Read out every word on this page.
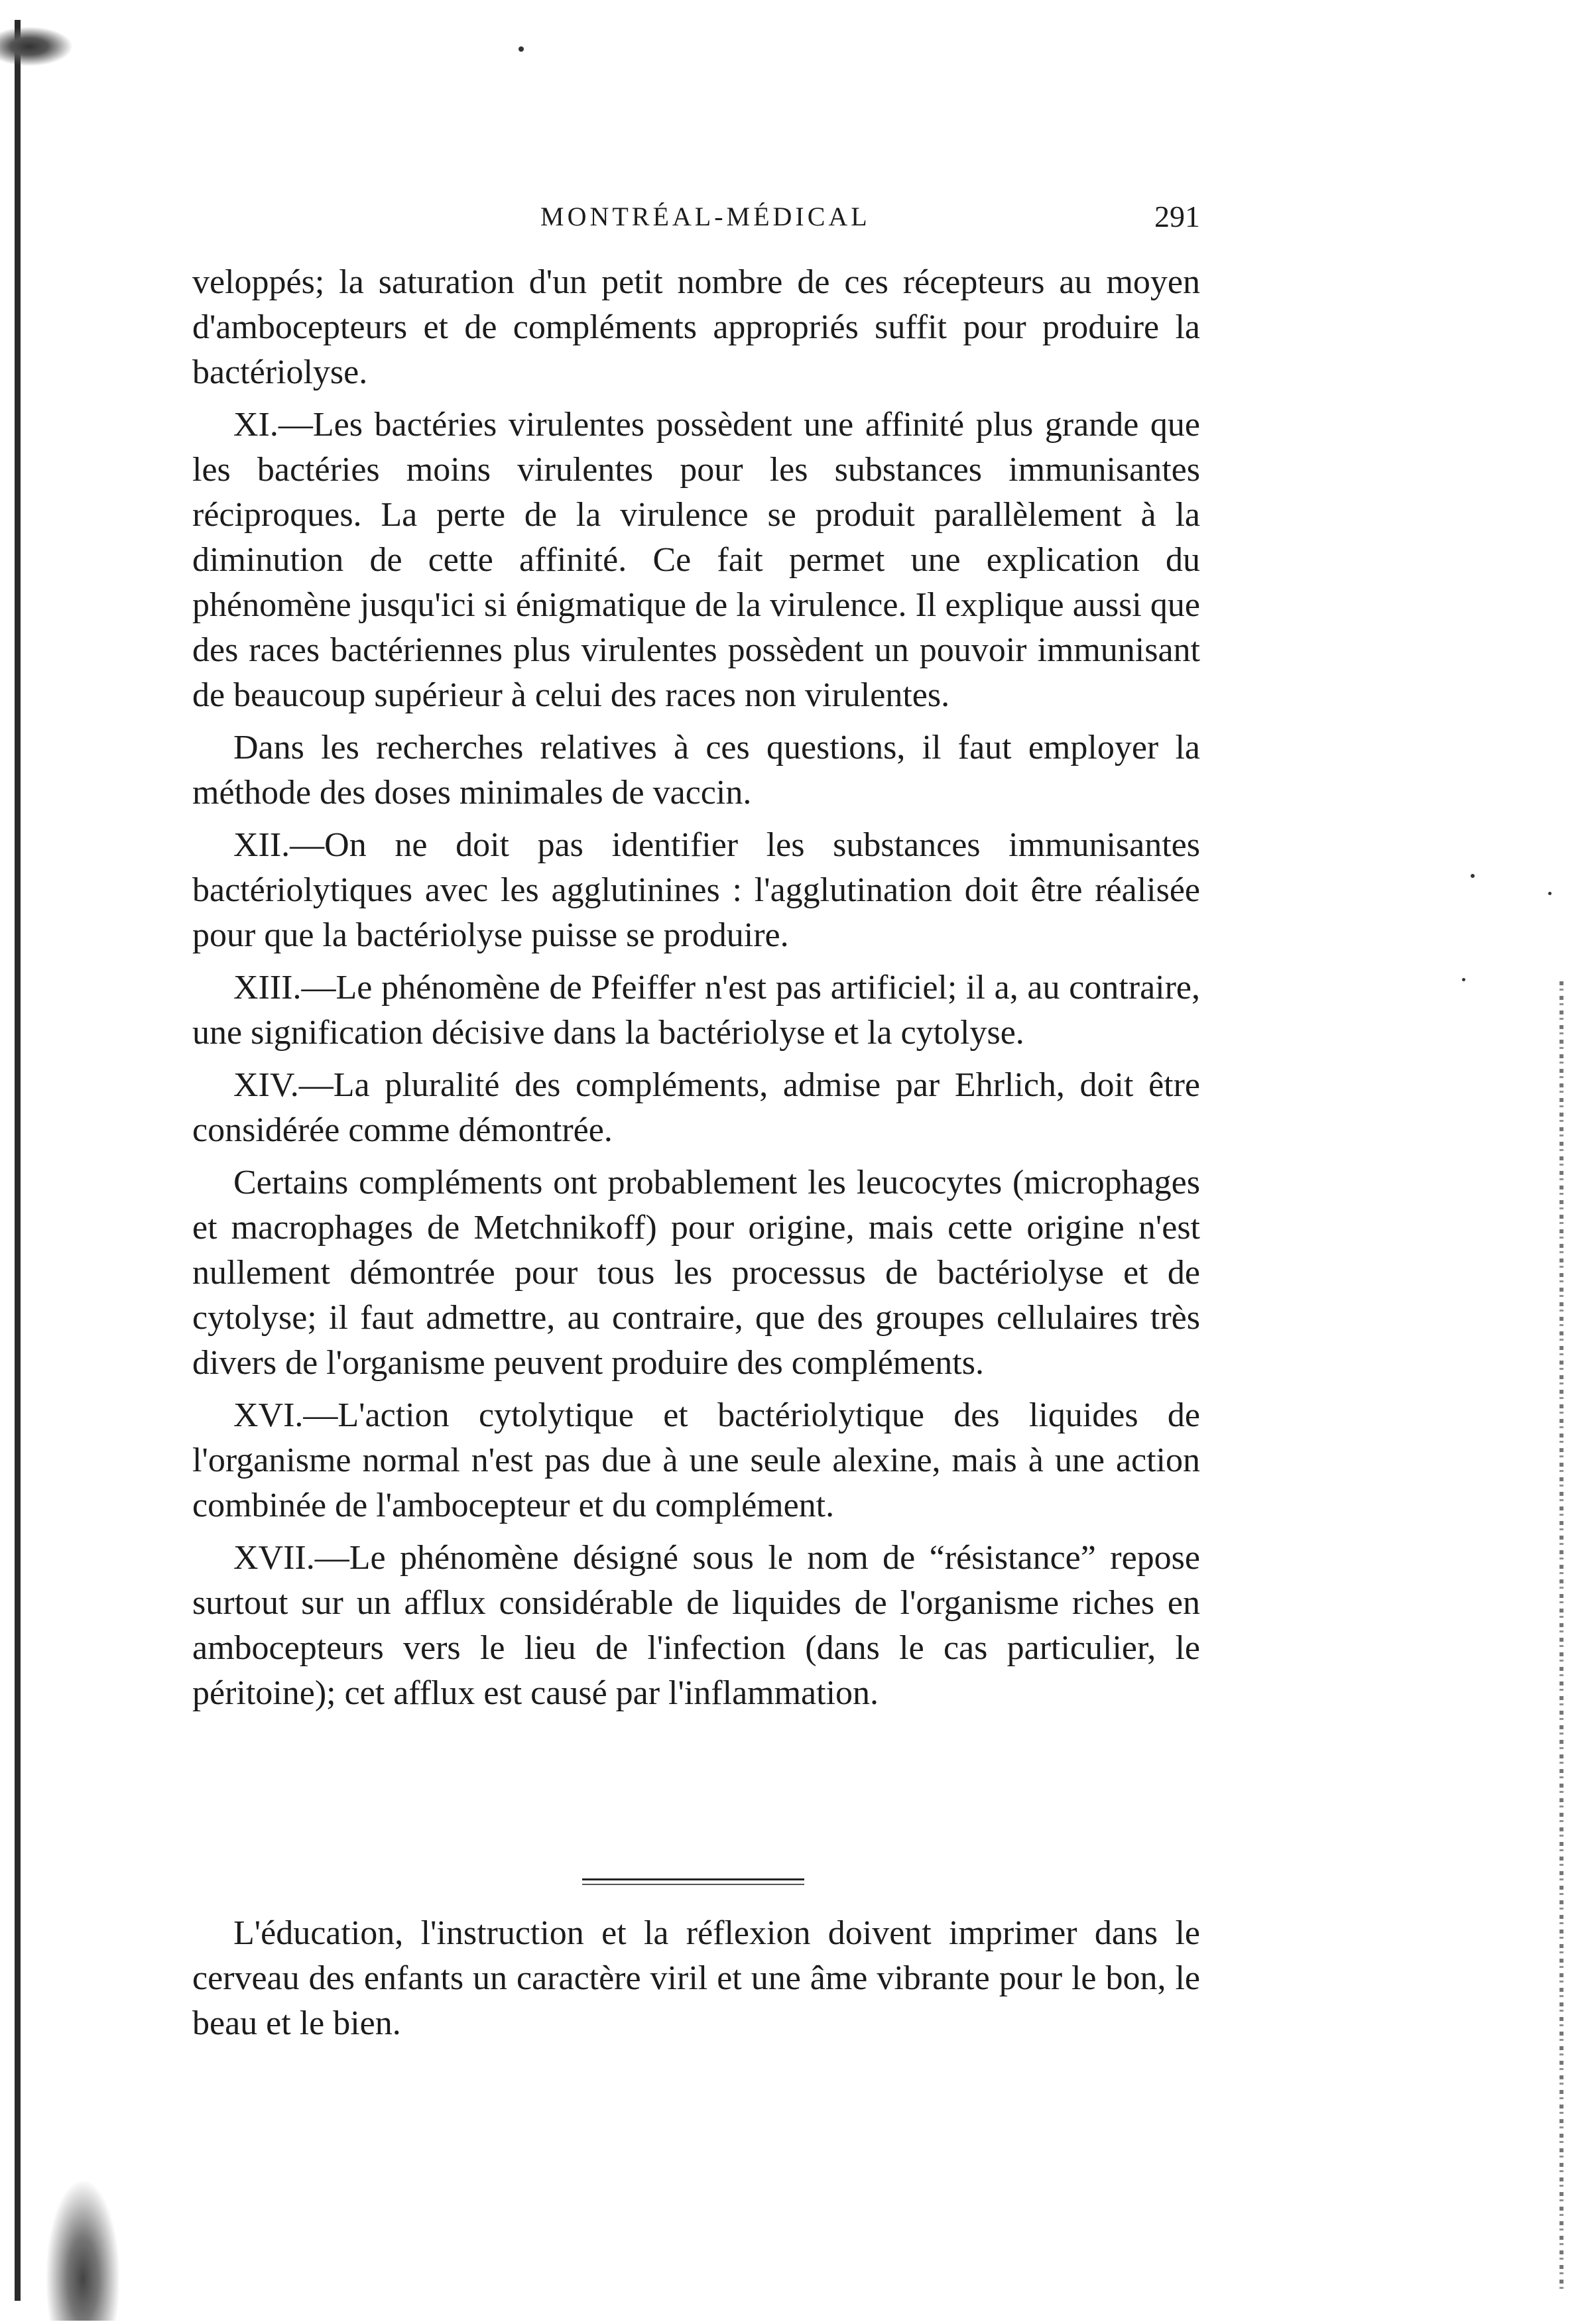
MONTRÉAL-MÉDICAL	291

veloppés; la saturation d'un petit nombre de ces récepteurs au moyen d'ambocepteurs et de compléments appropriés suffit pour produire la bactériolyse.

XI.—Les bactéries virulentes possèdent une affinité plus grande que les bactéries moins virulentes pour les substances immunisantes réciproques. La perte de la virulence se produit parallèlement à la diminution de cette affinité. Ce fait permet une explication du phénomène jusqu'ici si énigmatique de la virulence. Il explique aussi que des races bactériennes plus virulentes possèdent un pouvoir immunisant de beaucoup supérieur à celui des races non virulentes.

Dans les recherches relatives à ces questions, il faut employer la méthode des doses minimales de vaccin.

XII.—On ne doit pas identifier les substances immunisantes bactériolytiques avec les agglutinines : l'agglutination doit être réalisée pour que la bactériolyse puisse se produire.

XIII.—Le phénomène de Pfeiffer n'est pas artificiel; il a, au contraire, une signification décisive dans la bactériolyse et la cytolyse.

XIV.—La pluralité des compléments, admise par Ehrlich, doit être considérée comme démontrée.

Certains compléments ont probablement les leucocytes (microphages et macrophages de Metchnikoff) pour origine, mais cette origine n'est nullement démontrée pour tous les processus de bactériolyse et de cytolyse; il faut admettre, au contraire, que des groupes cellulaires très divers de l'organisme peuvent produire des compléments.

XVI.—L'action cytolytique et bactériolytique des liquides de l'organisme normal n'est pas due à une seule alexine, mais à une action combinée de l'ambocepteur et du complément.

XVII.—Le phénomène désigné sous le nom de “résistance” repose surtout sur un afflux considérable de liquides de l'organisme riches en ambocepteurs vers le lieu de l'infection (dans le cas particulier, le péritoine); cet afflux est causé par l'inflammation.

L'éducation, l'instruction et la réflexion doivent imprimer dans le cerveau des enfants un caractère viril et une âme vibrante pour le bon, le beau et le bien.
